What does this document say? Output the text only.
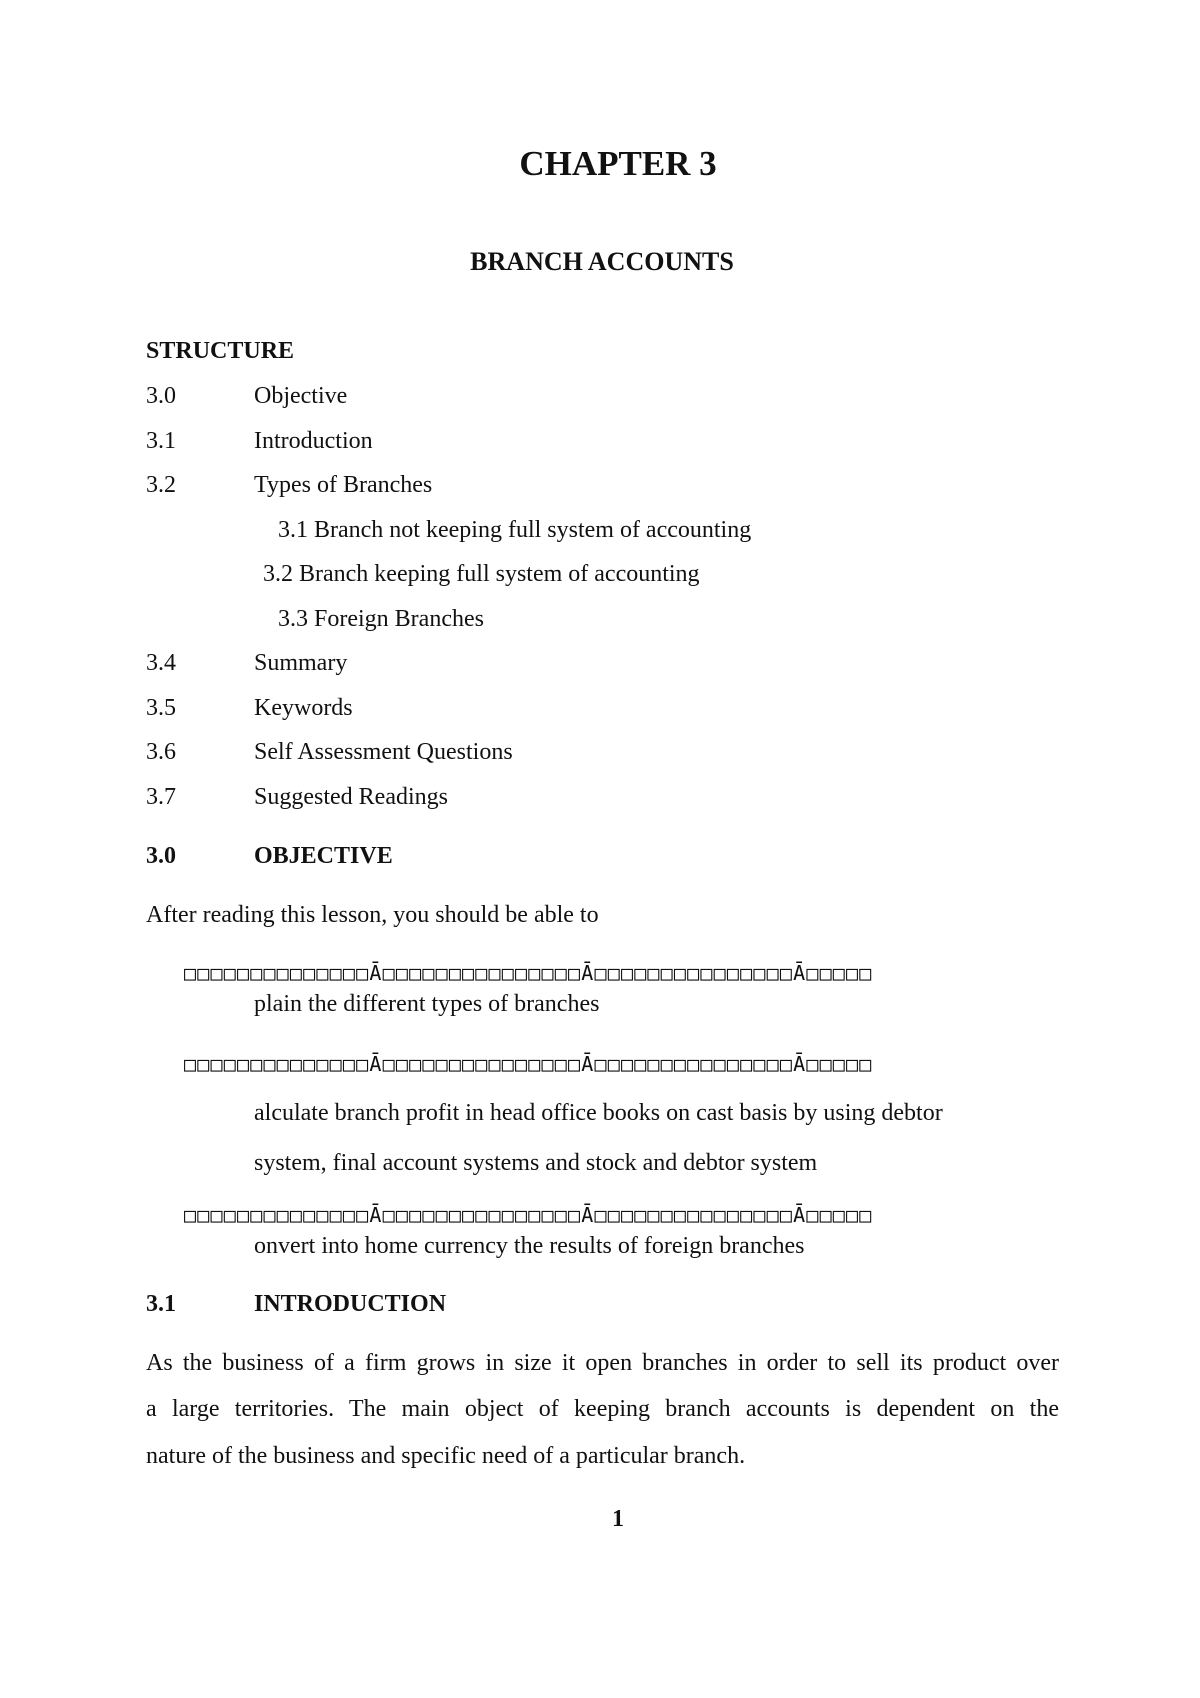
CHAPTER 3
BRANCH ACCOUNTS
STRUCTURE
3.0	Objective
3.1	Introduction
3.2	Types of Branches
3.1 Branch not keeping full system of accounting
3.2 Branch keeping full system of accounting
3.3 Foreign Branches
3.4	Summary
3.5	Keywords
3.6	Self Assessment Questions
3.7	Suggested Readings
3.0	OBJECTIVE
After reading this lesson, you should be able to
□□□□□□□□□□□□□□Ā□□□□□□□□□□□□□□□Ā□□□□□□□□□□□□□□□Ā□□□□□
plain the different types of branches
□□□□□□□□□□□□□□Ā□□□□□□□□□□□□□□□Ā□□□□□□□□□□□□□□□Ā□□□□□
alculate branch profit in head office books on cast basis by using debtor
system, final account systems and stock and debtor system
□□□□□□□□□□□□□□Ā□□□□□□□□□□□□□□□Ā□□□□□□□□□□□□□□□Ā□□□□□
onvert into home currency the results of foreign branches
3.1	INTRODUCTION
As the business of a firm grows in size it open branches in order to sell its product over
a large territories. The main object of keeping branch accounts is dependent on the
nature of the business and specific need of a particular branch.
1
